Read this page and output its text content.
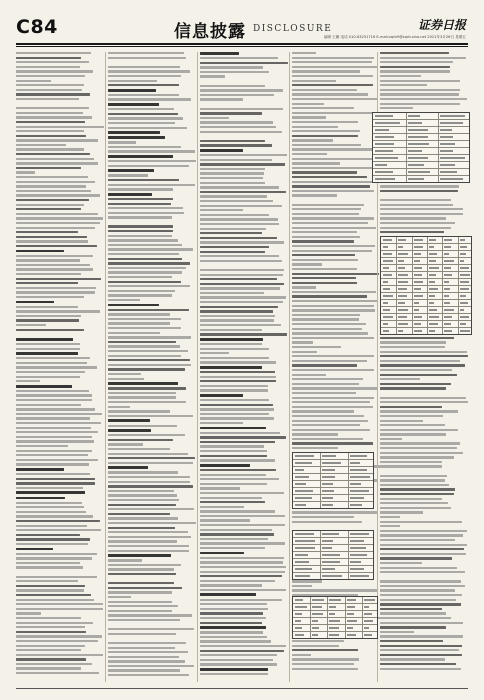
C84	信息披露 DISCLOSURE	证券日报
编辑 王鹏 电话 010-83251716 E-mail:zqrb9@zqrb.sina.net 2021年3月26日 星期五
